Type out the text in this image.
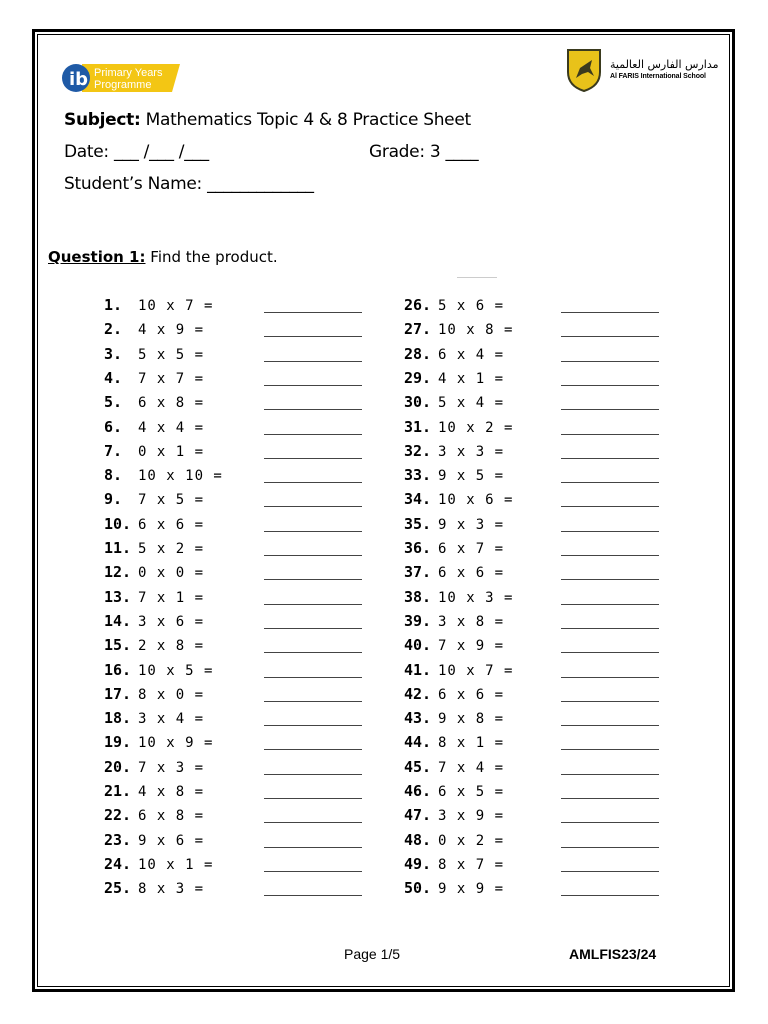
ib Primary Years
Programme
مدارس الفارس العالمية
Al FARIS International School
Subject: Mathematics Topic 4 & 8 Practice Sheet
Date: ___ /___ /___	Grade: 3 ____
Student’s Name: _____________
Question 1: Find the product.
1. 10 x 7 =
2. 4 x 9 =
3. 5 x 5 =
4. 7 x 7 =
5. 6 x 8 =
6. 4 x 4 =
7. 0 x 1 =
8. 10 x 10 =
9. 7 x 5 =
10. 6 x 6 =
11. 5 x 2 =
12. 0 x 0 =
13. 7 x 1 =
14. 3 x 6 =
15. 2 x 8 =
16. 10 x 5 =
17. 8 x 0 =
18. 3 x 4 =
19. 10 x 9 =
20. 7 x 3 =
21. 4 x 8 =
22. 6 x 8 =
23. 9 x 6 =
24. 10 x 1 =
25. 8 x 3 =
26. 5 x 6 =
27. 10 x 8 =
28. 6 x 4 =
29. 4 x 1 =
30. 5 x 4 =
31. 10 x 2 =
32. 3 x 3 =
33. 9 x 5 =
34. 10 x 6 =
35. 9 x 3 =
36. 6 x 7 =
37. 6 x 6 =
38. 10 x 3 =
39. 3 x 8 =
40. 7 x 9 =
41. 10 x 7 =
42. 6 x 6 =
43. 9 x 8 =
44. 8 x 1 =
45. 7 x 4 =
46. 6 x 5 =
47. 3 x 9 =
48. 0 x 2 =
49. 8 x 7 =
50. 9 x 9 =
Page 1/5	AMLFIS23/24
